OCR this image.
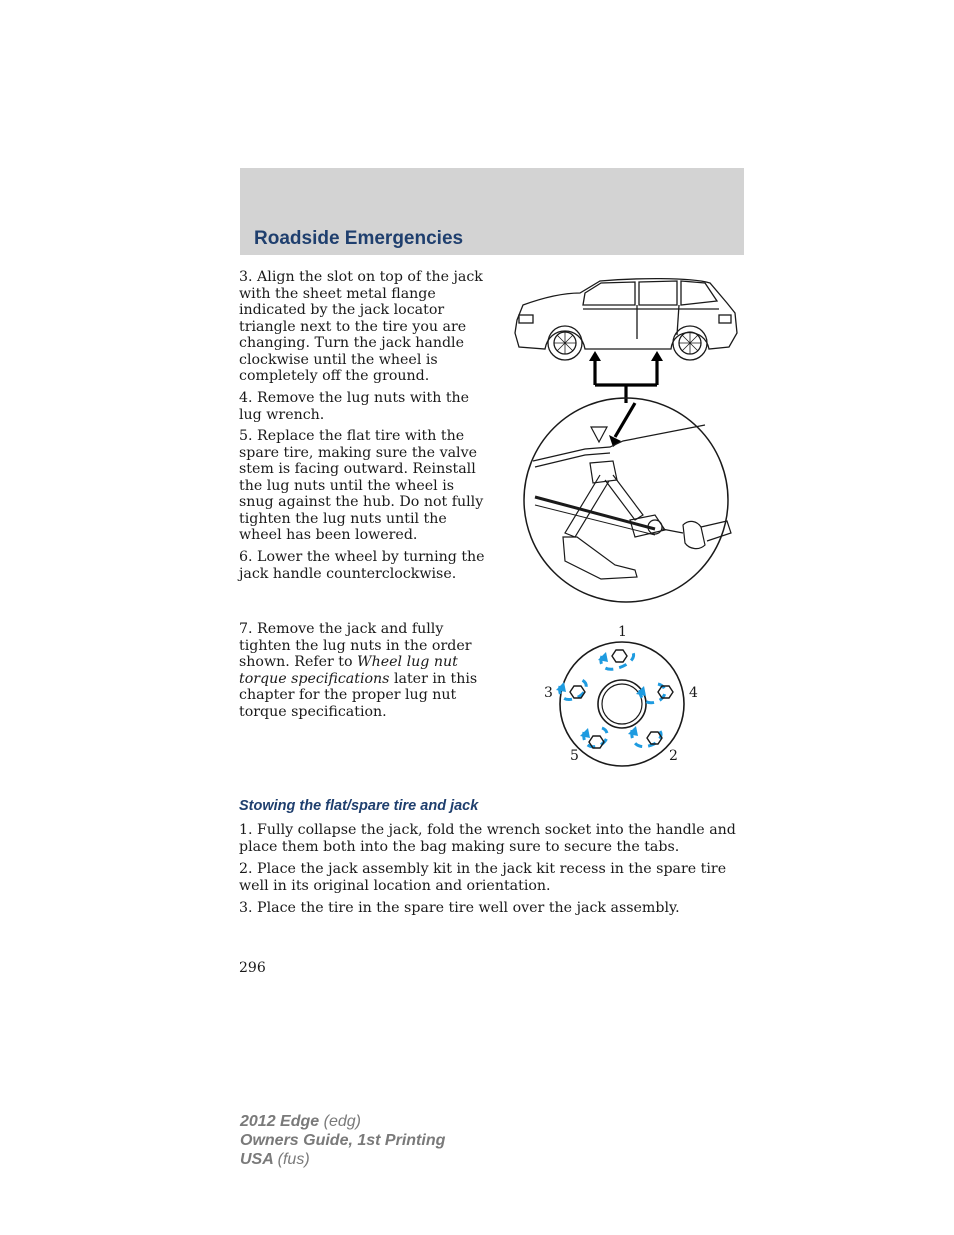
Roadside Emergencies

3. Align the slot on top of the jack with the sheet metal flange indicated by the jack locator triangle next to the tire you are changing. Turn the jack handle clockwise until the wheel is completely off the ground.

4. Remove the lug nuts with the lug wrench.

5. Replace the flat tire with the spare tire, making sure the valve stem is facing outward. Reinstall the lug nuts until the wheel is snug against the hub. Do not fully tighten the lug nuts until the wheel has been lowered.

6. Lower the wheel by turning the jack handle counterclockwise.

7. Remove the jack and fully tighten the lug nuts in the order shown. Refer to Wheel lug nut torque specifications later in this chapter for the proper lug nut torque specification.

1
2
3	4
5
Stowing the flat/spare tire and jack

1. Fully collapse the jack, fold the wrench socket into the handle and place them both into the bag making sure to secure the tabs.

2. Place the jack assembly kit in the jack kit recess in the spare tire well in its original location and orientation.

3. Place the tire in the spare tire well over the jack assembly.

296
2012 Edge (edg)
Owners Guide, 1st Printing
USA (fus)
